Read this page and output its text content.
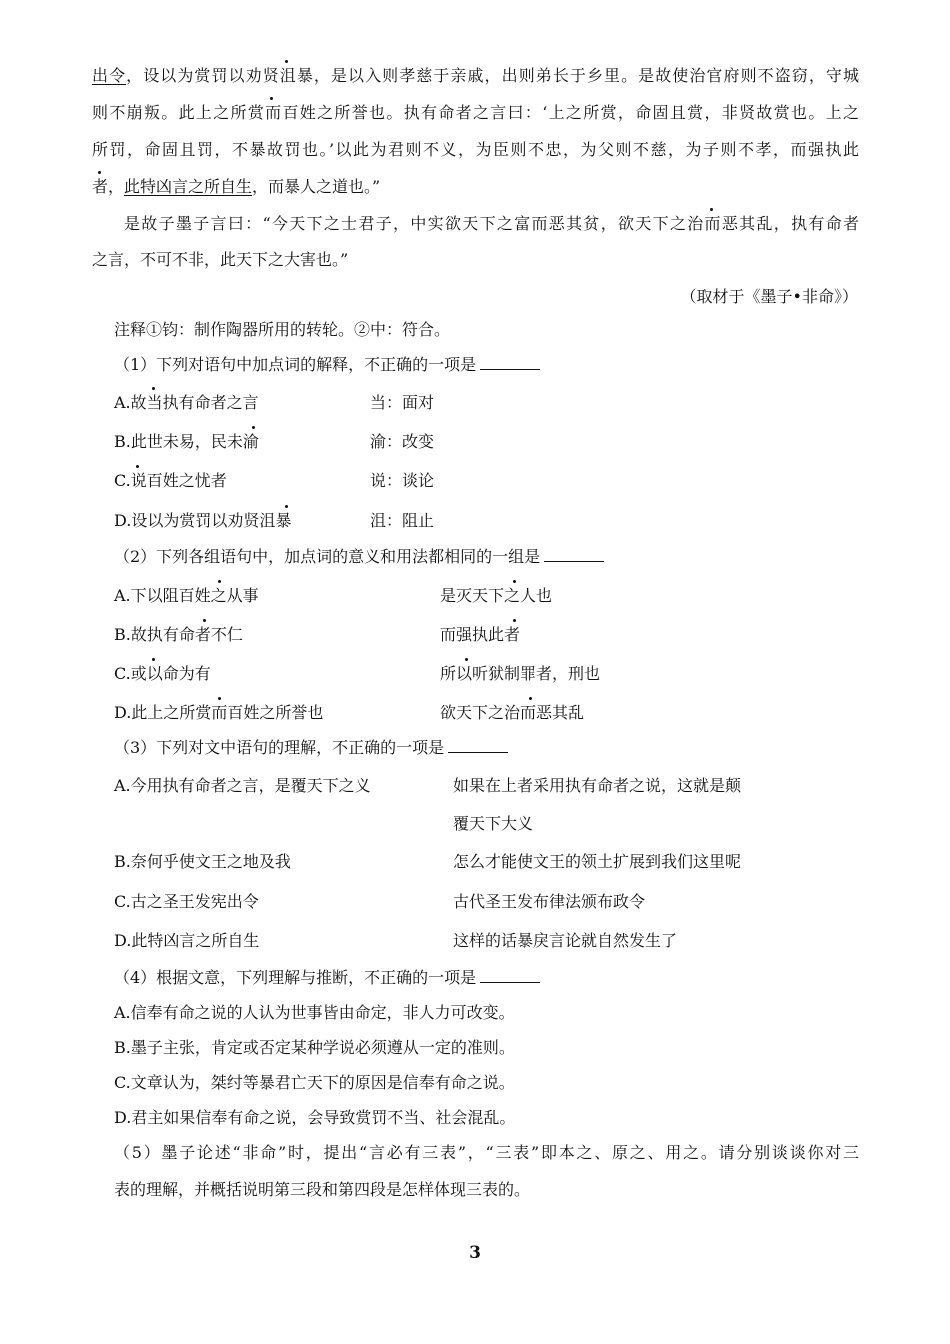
出令，设以为赏罚以劝贤沮暴，是以入则孝慈于亲戚，出则弟长于乡里。是故使治官府则不盗窃，守城
则不崩叛。此上之所赏而百姓之所誉也。执有命者之言曰：‘上之所赏，命固且赏，非贤故赏也。上之
所罚，命固且罚，不暴故罚也。’以此为君则不义，为臣则不忠，为父则不慈，为子则不孝，而强执此
者，此特凶言之所自生，而暴人之道也。”
是故子墨子言曰：“今天下之士君子，中实欲天下之富而恶其贫，欲天下之治而恶其乱，执有命者
之言，不可不非，此天下之大害也。”
（取材于《墨子•非命》）
注释①钧：制作陶器所用的转轮。②中：符合。
（1）下列对语句中加点词的解释，不正确的一项是
A.故当执有命者之言	当：面对
B.此世未易，民未渝	渝：改变
C.说百姓之忧者	说：谈论
D.设以为赏罚以劝贤沮暴	沮：阻止
（2）下列各组语句中，加点词的意义和用法都相同的一组是
A.下以阻百姓之从事	是灭天下之人也
B.故执有命者不仁	而强执此者
C.或以命为有	所以听狱制罪者，刑也
D.此上之所赏而百姓之所誉也	欲天下之治而恶其乱
（3）下列对文中语句的理解，不正确的一项是
A.今用执有命者之言，是覆天下之义	如果在上者采用执有命者之说，这就是颠
覆天下大义
B.奈何乎使文王之地及我	怎么才能使文王的领土扩展到我们这里呢
C.古之圣王发宪出令	古代圣王发布律法颁布政令
D.此特凶言之所自生	这样的话暴戾言论就自然发生了
（4）根据文意，下列理解与推断，不正确的一项是
A.信奉有命之说的人认为世事皆由命定，非人力可改变。
B.墨子主张，肯定或否定某种学说必须遵从一定的准则。
C.文章认为，桀纣等暴君亡天下的原因是信奉有命之说。
D.君主如果信奉有命之说，会导致赏罚不当、社会混乱。
（5）墨子论述“非命”时，提出“言必有三表”，“三表”即本之、原之、用之。请分别谈谈你对三
表的理解，并概括说明第三段和第四段是怎样体现三表的。
3
